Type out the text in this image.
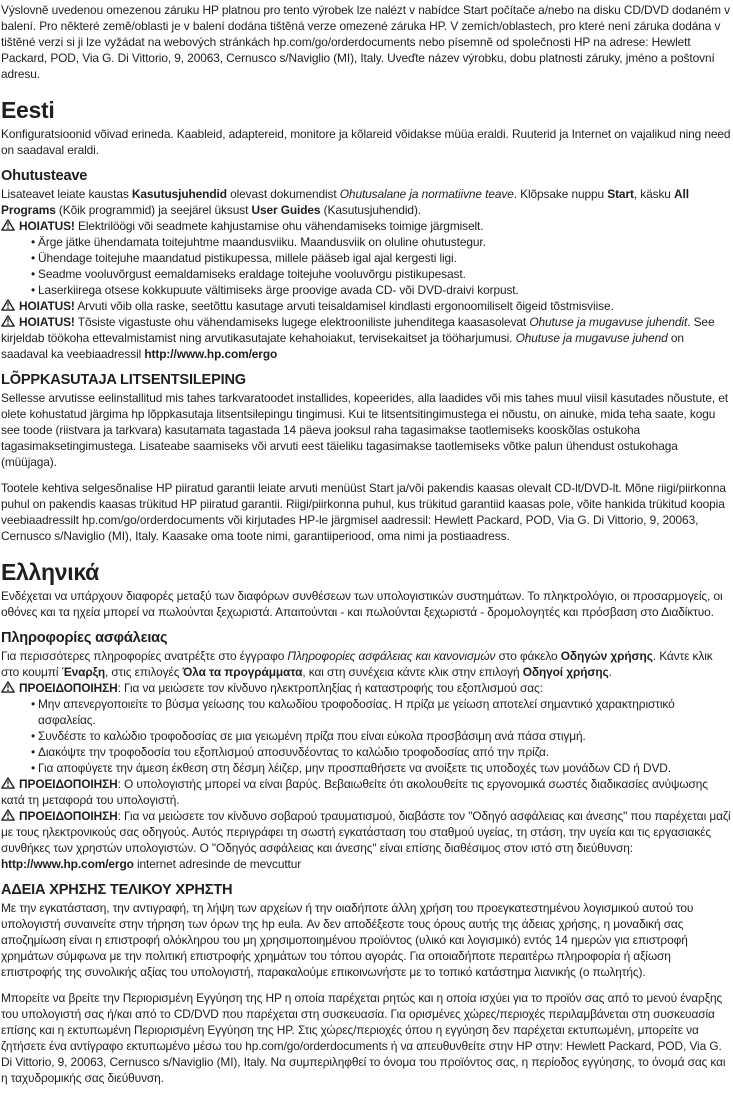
Výslovně uvedenou omezenou záruku HP platnou pro tento výrobek lze nalézt v nabídce Start počítače a/nebo na disku CD/DVD dodaném v balení. Pro některé země/oblasti je v balení dodána tištěná verze omezené záruka HP. V zemích/oblastech, pro které není záruka dodána v tištěné verzi si ji lze vyžádat na webových stránkách hp.com/go/orderdocuments nebo písemně od společnosti HP na adrese: Hewlett Packard, POD, Via G. Di Vittorio, 9, 20063, Cernusco s/Naviglio (MI), Italy. Uveďte název výrobku, dobu platnosti záruky, jméno a poštovní adresu.

Eesti

Konfiguratsioonid võivad erineda. Kaableid, adaptereid, monitore ja kõlareid võidakse müüa eraldi. Ruuterid ja Internet on vajalikud ning need on saadaval eraldi.

Ohutusteave

Lisateavet leiate kaustas Kasutusjuhendid olevast dokumendist Ohutusalane ja normatiivne teave. Klõpsake nuppu Start, käsku All Programs (Kõik programmid) ja seejärel üksust User Guides (Kasutusjuhendid).

HOIATUS! Elektrilöögi või seadmete kahjustamise ohu vähendamiseks toimige järgmiselt.

• Ärge jätke ühendamata toitejuhtme maandusviiku. Maandusviik on oluline ohutustegur.
• Ühendage toitejuhe maandatud pistikupessa, millele pääseb igal ajal kergesti ligi.
• Seadme vooluvõrgust eemaldamiseks eraldage toitejuhe vooluvõrgu pistikupesast.
• Laserkiirega otsese kokkupuute vältimiseks ärge proovige avada CD- või DVD-draivi korpust.

HOIATUS! Arvuti võib olla raske, seetõttu kasutage arvuti teisaldamisel kindlasti ergonoomiliselt õigeid tõstmisviise.

HOIATUS! Tõsiste vigastuste ohu vähendamiseks lugege elektrooniliste juhenditega kaasasolevat Ohutuse ja mugavuse juhendit. See kirjeldab töökoha ettevalmistamist ning arvutikasutajate kehahoiakut, tervisekaitset ja tööharjumusi. Ohutuse ja mugavuse juhend on saadaval ka veebiaadressil http://www.hp.com/ergo

LÕPPKASUTAJA LITSENTSILEPING

Sellesse arvutisse eelinstallitud mis tahes tarkvaratoodet installides, kopeerides, alla laadides või mis tahes muul viisil kasutades nõustute, et olete kohustatud järgima hp lõppkasutaja litsentsilepingu tingimusi. Kui te litsentsitingimustega ei nõustu, on ainuke, mida teha saate, kogu see toode (riistvara ja tarkvara) kasutamata tagastada 14 päeva jooksul raha tagasimakse taotlemiseks kooskõlas ostukoha tagasimaksetingimustega. Lisateabe saamiseks või arvuti eest täieliku tagasimakse taotlemiseks võtke palun ühendust ostukohaga (müüjaga).

Tootele kehtiva selgesõnalise HP piiratud garantii leiate arvuti menüüst Start ja/või pakendis kaasas olevalt CD-lt/DVD-lt. Mõne riigi/piirkonna puhul on pakendis kaasas trükitud HP piiratud garantii. Riigi/piirkonna puhul, kus trükitud garantiid kaasas pole, võite hankida trükitud koopia veebiaadressilt hp.com/go/orderdocuments või kirjutades HP-le järgmisel aadressil: Hewlett Packard, POD, Via G. Di Vittorio, 9, 20063, Cernusco s/Naviglio (MI), Italy. Kaasake oma toote nimi, garantiiperiood, oma nimi ja postiaadress.

Ελληνικά

Ενδέχεται να υπάρχουν διαφορές μεταξύ των διαφόρων συνθέσεων των υπολογιστικών συστημάτων. Το πληκτρολόγιο, οι προσαρμογείς, οι οθόνες και τα ηχεία μπορεί να πωλούνται ξεχωριστά. Απαιτούνται - και πωλούνται ξεχωριστά - δρομολογητές και πρόσβαση στο Διαδίκτυο.

Πληροφορίες ασφάλειας

Για περισσότερες πληροφορίες ανατρέξτε στο έγγραφο Πληροφορίες ασφάλειας και κανονισμών στο φάκελο Οδηγών χρήσης. Κάντε κλικ στο κουμπί Έναρξη, στις επιλογές Όλα τα προγράμματα, και στη συνέχεια κάντε κλικ στην επιλογή Οδηγοί χρήσης.

ΠΡΟΕΙΔΟΠΟΙΗΣΗ: Για να μειώσετε τον κίνδυνο ηλεκτροπληξίας ή καταστροφής του εξοπλισμού σας:

• Μην απενεργοποιείτε το βύσμα γείωσης του καλωδίου τροφοδοσίας. Η πρίζα με γείωση αποτελεί σημαντικό χαρακτηριστικό ασφαλείας.
• Συνδέστε το καλώδιο τροφοδοσίας σε μια γειωμένη πρίζα που είναι εύκολα προσβάσιμη ανά πάσα στιγμή.
• Διακόψτε την τροφοδοσία του εξοπλισμού αποσυνδέοντας το καλώδιο τροφοδοσίας από την πρίζα.
• Για αποφύγετε την άμεση έκθεση στη δέσμη λέιζερ, μην προσπαθήσετε να ανοίξετε τις υποδοχές των μονάδων CD ή DVD.

ΠΡΟΕΙΔΟΠΟΙΗΣΗ: Ο υπολογιστής μπορεί να είναι βαρύς. Βεβαιωθείτε ότι ακολουθείτε τις εργονομικά σωστές διαδικασίες ανύψωσης κατά τη μεταφορά του υπολογιστή.

ΠΡΟΕΙΔΟΠΟΙΗΣΗ: Για να μειώσετε τον κίνδυνο σοβαρού τραυματισμού, διαβάστε τον "Οδηγό ασφάλειας και άνεσης" που παρέχεται μαζί με τους ηλεκτρονικούς σας οδηγούς. Αυτός περιγράφει τη σωστή εγκατάσταση του σταθμού υγείας, τη στάση, την υγεία και τις εργασιακές συνθήκες των χρηστών υπολογιστών. Ο "Οδηγός ασφάλειας και άνεσης" είναι επίσης διαθέσιμος στον ιστό στη διεύθυνση: http://www.hp.com/ergo internet adresinde de mevcuttur

ΑΔΕΙΑ ΧΡΗΣΗΣ ΤΕΛΙΚΟΥ ΧΡΗΣΤΗ

Με την εγκατάσταση, την αντιγραφή, τη λήψη των αρχείων ή την οιαδήποτε άλλη χρήση του προεγκατεστημένου λογισμικού αυτού του υπολογιστή συναινείτε στην τήρηση των όρων της hp eula. Αν δεν αποδέξεστε τους όρους αυτής της άδειας χρήσης, η μοναδική σας αποζημίωση είναι η επιστροφή ολόκληρου του μη χρησιμοποιημένου προϊόντος (υλικό και λογισμικό) εντός 14 ημερών για επιστροφή χρημάτων σύμφωνα με την πολιτική επιστροφής χρημάτων του τόπου αγοράς. Για οποιαδήποτε περαιτέρω πληροφορία ή αξίωση επιστροφής της συνολικής αξίας του υπολογιστή, παρακαλούμε επικοινωνήστε με το τοπικό κατάστημα λιανικής (ο πωλητής).

Μπορείτε να βρείτε την Περιορισμένη Εγγύηση της HP η οποία παρέχεται ρητώς και η οποία ισχύει για το προϊόν σας από το μενού έναρξης του υπολογιστή σας ή/και από το CD/DVD που παρέχεται στη συσκευασία. Για ορισμένες χώρες/περιοχές περιλαμβάνεται στη συσκευασία επίσης και η εκτυπωμένη Περιορισμένη Εγγύηση της HP. Στις χώρες/περιοχές όπου η εγγύηση δεν παρέχεται εκτυπωμένη, μπορείτε να ζητήσετε ένα αντίγραφο εκτυπωμένο μέσω του hp.com/go/orderdocuments ή να απευθυνθείτε στην HP στην: Hewlett Packard, POD, Via G. Di Vittorio, 9, 20063, Cernusco s/Naviglio (MI), Italy. Να συμπεριληφθεί το όνομα του προϊόντος σας, η περίοδος εγγύησης, το όνομά σας και η ταχυδρομικής σας διεύθυνση.
